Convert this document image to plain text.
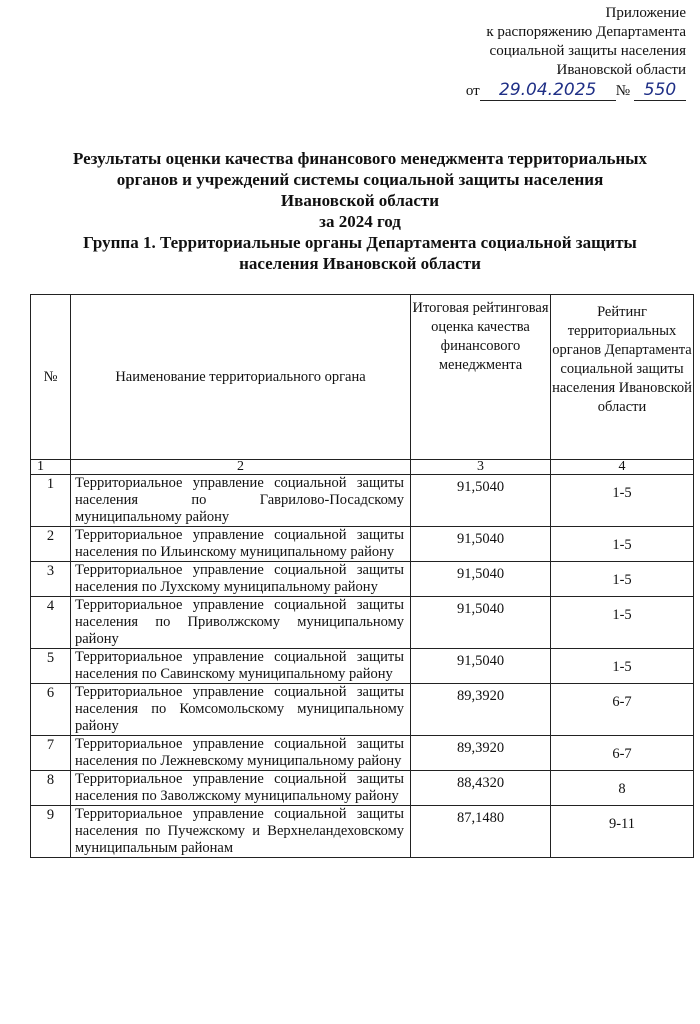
Приложение
к распоряжению Департамента
социальной защиты населения
Ивановской области
от	29.04.2025	№ 550
Результаты оценки качества финансового менеджмента территориальных
органов и учреждений системы социальной защиты населения
Ивановской области
за 2024 год
Группа 1. Территориальные органы Департамента социальной защиты
населения Ивановской области
№	Наименование территориального органа	Итоговая рейтинговая оценка качества финансового менеджмента	Рейтинг территориальных органов Департамента социальной защиты населения Ивановской области
1	2	3	4
1	Территориальное управление социальной защиты населения по Гаврилово-Посадскому муниципальному району	91,5040	1-5
2	Территориальное управление социальной защиты населения по Ильинскому муниципальному району	91,5040	1-5
3	Территориальное управление социальной защиты населения по Лухскому муниципальному району	91,5040	1-5
4	Территориальное управление социальной защиты населения по Приволжскому муниципальному району	91,5040	1-5
5	Территориальное управление социальной защиты населения по Савинскому муниципальному району	91,5040	1-5
6	Территориальное управление социальной защиты населения по Комсомольскому муниципальному району	89,3920	6-7
7	Территориальное управление социальной защиты населения по Лежневскому муниципальному району	89,3920	6-7
8	Территориальное управление социальной защиты населения по Заволжскому муниципальному району	88,4320	8
9	Территориальное управление социальной защиты населения по Пучежскому и Верхнеландеховскому муниципальным районам	87,1480	9-11
